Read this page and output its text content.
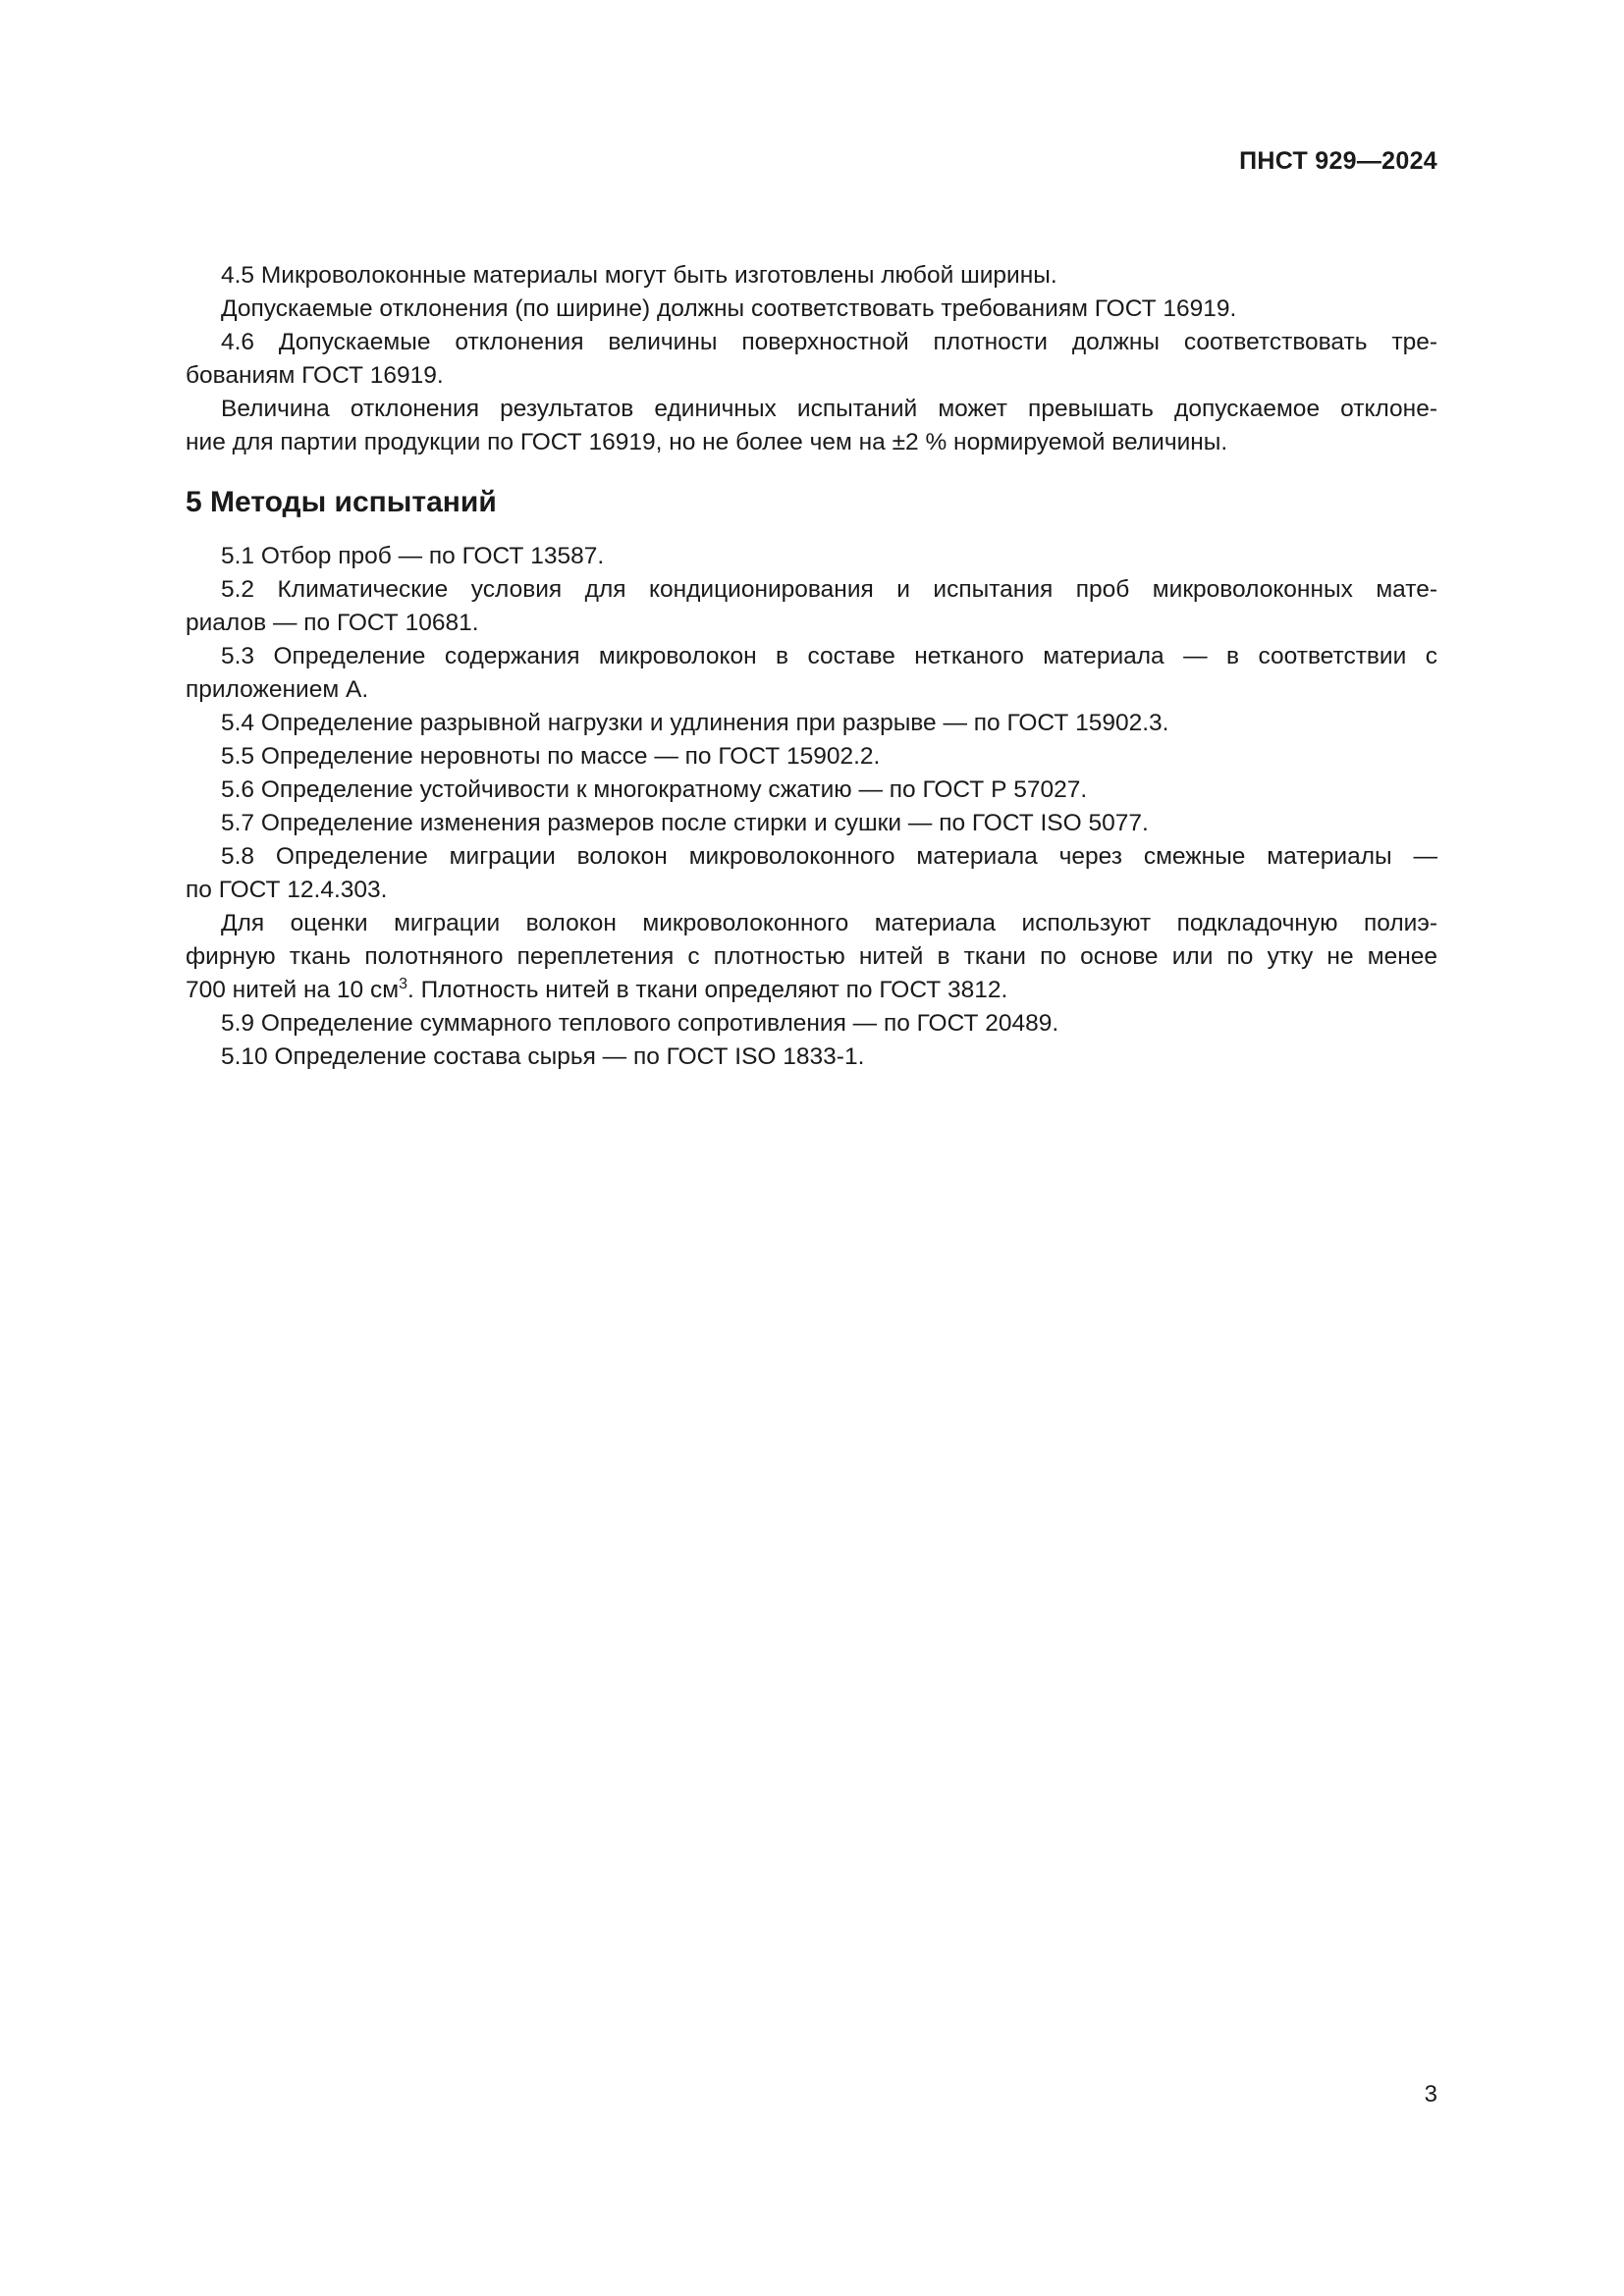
ПНСТ 929—2024
4.5 Микроволоконные материалы могут быть изготовлены любой ширины.
Допускаемые отклонения (по ширине) должны соответствовать требованиям ГОСТ 16919.
4.6 Допускаемые отклонения величины поверхностной плотности должны соответствовать тре-
бованиям ГОСТ 16919.
Величина отклонения результатов единичных испытаний может превышать допускаемое отклоне-
ние для партии продукции по ГОСТ 16919, но не более чем на ±2 % нормируемой величины.
5 Методы испытаний
5.1 Отбор проб — по ГОСТ 13587.
5.2 Климатические условия для кондиционирования и испытания проб микроволоконных мате-
риалов — по ГОСТ 10681.
5.3 Определение содержания микроволокон в составе нетканого материала — в соответствии с
приложением А.
5.4 Определение разрывной нагрузки и удлинения при разрыве — по ГОСТ 15902.3.
5.5 Определение неровноты по массе — по ГОСТ 15902.2.
5.6 Определение устойчивости к многократному сжатию — по ГОСТ Р 57027.
5.7 Определение изменения размеров после стирки и сушки — по ГОСТ ISO 5077.
5.8 Определение миграции волокон микроволоконного материала через смежные материалы —
по ГОСТ 12.4.303.
Для оценки миграции волокон микроволоконного материала используют подкладочную полиэ-
фирную ткань полотняного переплетения с плотностью нитей в ткани по основе или по утку не менее
700 нитей на 10 $см^3$. Плотность нитей в ткани определяют по ГОСТ 3812.
5.9 Определение суммарного теплового сопротивления — по ГОСТ 20489.
5.10 Определение состава сырья — по ГОСТ ISO 1833-1.
3
